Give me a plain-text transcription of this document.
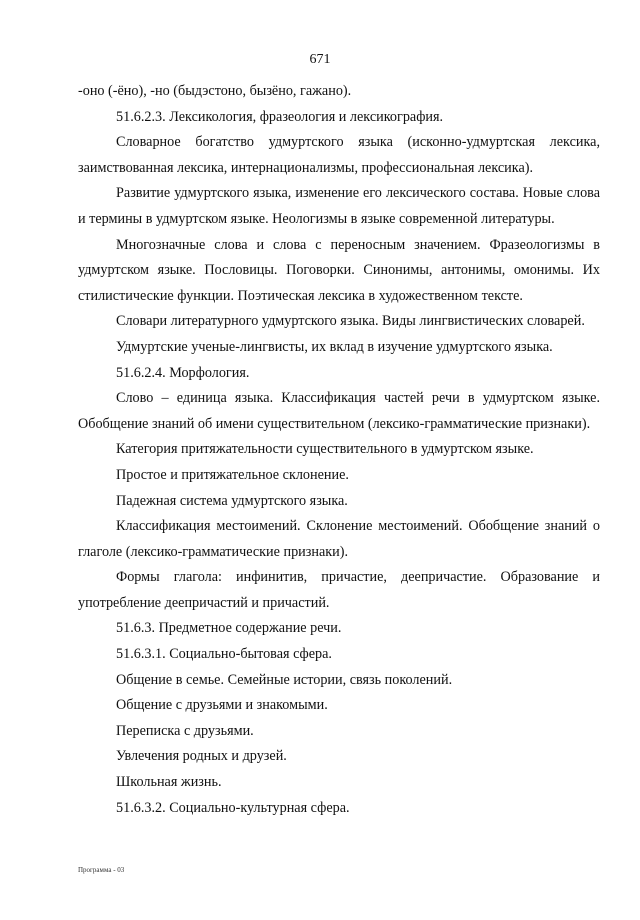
671

-оно (-ёно), -но (быдэстоно, бызёно, гажано).

51.6.2.3. Лексикология, фразеология и лексикография.

Словарное богатство удмуртского языка (исконно-удмуртская лексика, заимствованная лексика, интернационализмы, профессиональная лексика).

Развитие удмуртского языка, изменение его лексического состава. Новые слова и термины в удмуртском языке. Неологизмы в языке современной литературы.

Многозначные слова и слова с переносным значением. Фразеологизмы в удмуртском языке. Пословицы. Поговорки. Синонимы, антонимы, омонимы. Их стилистические функции. Поэтическая лексика в художественном тексте.

Словари литературного удмуртского языка. Виды лингвистических словарей.

Удмуртские ученые-лингвисты, их вклад в изучение удмуртского языка.

51.6.2.4. Морфология.

Слово – единица языка. Классификация частей речи в удмуртском языке. Обобщение знаний об имени существительном (лексико-грамматические признаки).

Категория притяжательности существительного в удмуртском языке.

Простое и притяжательное склонение.

Падежная система удмуртского языка.

Классификация местоимений. Склонение местоимений. Обобщение знаний о глаголе (лексико-грамматические признаки).

Формы глагола: инфинитив, причастие, деепричастие. Образование и употребление деепричастий и причастий.

51.6.3. Предметное содержание речи.

51.6.3.1. Социально-бытовая сфера.

Общение в семье. Семейные истории, связь поколений.

Общение с друзьями и знакомыми.

Переписка с друзьями.

Увлечения родных и друзей.

Школьная жизнь.

51.6.3.2. Социально-культурная сфера.

Программа - 03
